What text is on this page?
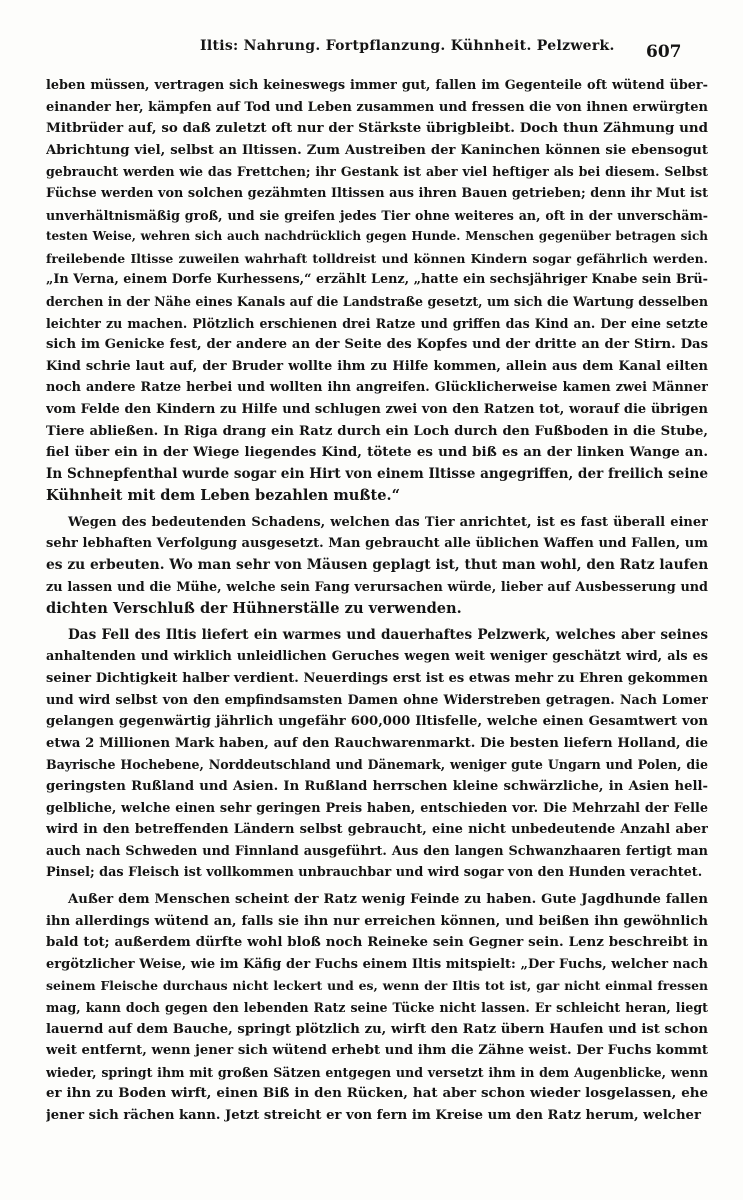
Iltis: Nahrung. Fortpflanzung. Kühnheit. Pelzwerk. 607
leben müssen, vertragen sich keineswegs immer gut, fallen im Gegenteile oft wütend über-
einander her, kämpfen auf Tod und Leben zusammen und fressen die von ihnen erwürgten
Mitbrüder auf, so daß zuletzt oft nur der Stärkste übrigbleibt. Doch thun Zähmung und
Abrichtung viel, selbst an Iltissen. Zum Austreiben der Kaninchen können sie ebensogut
gebraucht werden wie das Frettchen; ihr Gestank ist aber viel heftiger als bei diesem. Selbst
Füchse werden von solchen gezähmten Iltissen aus ihren Bauen getrieben; denn ihr Mut ist
unverhältnismäßig groß, und sie greifen jedes Tier ohne weiteres an, oft in der unverschäm-
testen Weise, wehren sich auch nachdrücklich gegen Hunde. Menschen gegenüber betragen sich
freilebende Iltisse zuweilen wahrhaft tolldreist und können Kindern sogar gefährlich werden.
„In Verna, einem Dorfe Kurhessens,“ erzählt Lenz, „hatte ein sechsjähriger Knabe sein Brü-
derchen in der Nähe eines Kanals auf die Landstraße gesetzt, um sich die Wartung desselben
leichter zu machen. Plötzlich erschienen drei Ratze und griffen das Kind an. Der eine setzte
sich im Genicke fest, der andere an der Seite des Kopfes und der dritte an der Stirn. Das
Kind schrie laut auf, der Bruder wollte ihm zu Hilfe kommen, allein aus dem Kanal eilten
noch andere Ratze herbei und wollten ihn angreifen. Glücklicherweise kamen zwei Männer
vom Felde den Kindern zu Hilfe und schlugen zwei von den Ratzen tot, worauf die übrigen
Tiere abließen. In Riga drang ein Ratz durch ein Loch durch den Fußboden in die Stube,
fiel über ein in der Wiege liegendes Kind, tötete es und biß es an der linken Wange an.
In Schnepfenthal wurde sogar ein Hirt von einem Iltisse angegriffen, der freilich seine
Kühnheit mit dem Leben bezahlen mußte.“
Wegen des bedeutenden Schadens, welchen das Tier anrichtet, ist es fast überall einer
sehr lebhaften Verfolgung ausgesetzt. Man gebraucht alle üblichen Waffen und Fallen, um
es zu erbeuten. Wo man sehr von Mäusen geplagt ist, thut man wohl, den Ratz laufen
zu lassen und die Mühe, welche sein Fang verursachen würde, lieber auf Ausbesserung und
dichten Verschluß der Hühnerställe zu verwenden.
Das Fell des Iltis liefert ein warmes und dauerhaftes Pelzwerk, welches aber seines
anhaltenden und wirklich unleidlichen Geruches wegen weit weniger geschätzt wird, als es
seiner Dichtigkeit halber verdient. Neuerdings erst ist es etwas mehr zu Ehren gekommen
und wird selbst von den empfindsamsten Damen ohne Widerstreben getragen. Nach Lomer
gelangen gegenwärtig jährlich ungefähr 600,000 Iltisfelle, welche einen Gesamtwert von
etwa 2 Millionen Mark haben, auf den Rauchwarenmarkt. Die besten liefern Holland, die
Bayrische Hochebene, Norddeutschland und Dänemark, weniger gute Ungarn und Polen, die
geringsten Rußland und Asien. In Rußland herrschen kleine schwärzliche, in Asien hell-
gelbliche, welche einen sehr geringen Preis haben, entschieden vor. Die Mehrzahl der Felle
wird in den betreffenden Ländern selbst gebraucht, eine nicht unbedeutende Anzahl aber
auch nach Schweden und Finnland ausgeführt. Aus den langen Schwanzhaaren fertigt man
Pinsel; das Fleisch ist vollkommen unbrauchbar und wird sogar von den Hunden verachtet.
Außer dem Menschen scheint der Ratz wenig Feinde zu haben. Gute Jagdhunde fallen
ihn allerdings wütend an, falls sie ihn nur erreichen können, und beißen ihn gewöhnlich
bald tot; außerdem dürfte wohl bloß noch Reineke sein Gegner sein. Lenz beschreibt in
ergötzlicher Weise, wie im Käfig der Fuchs einem Iltis mitspielt: „Der Fuchs, welcher nach
seinem Fleische durchaus nicht leckert und es, wenn der Iltis tot ist, gar nicht einmal fressen
mag, kann doch gegen den lebenden Ratz seine Tücke nicht lassen. Er schleicht heran, liegt
lauernd auf dem Bauche, springt plötzlich zu, wirft den Ratz übern Haufen und ist schon
weit entfernt, wenn jener sich wütend erhebt und ihm die Zähne weist. Der Fuchs kommt
wieder, springt ihm mit großen Sätzen entgegen und versetzt ihm in dem Augenblicke, wenn
er ihn zu Boden wirft, einen Biß in den Rücken, hat aber schon wieder losgelassen, ehe
jener sich rächen kann. Jetzt streicht er von fern im Kreise um den Ratz herum, welcher
